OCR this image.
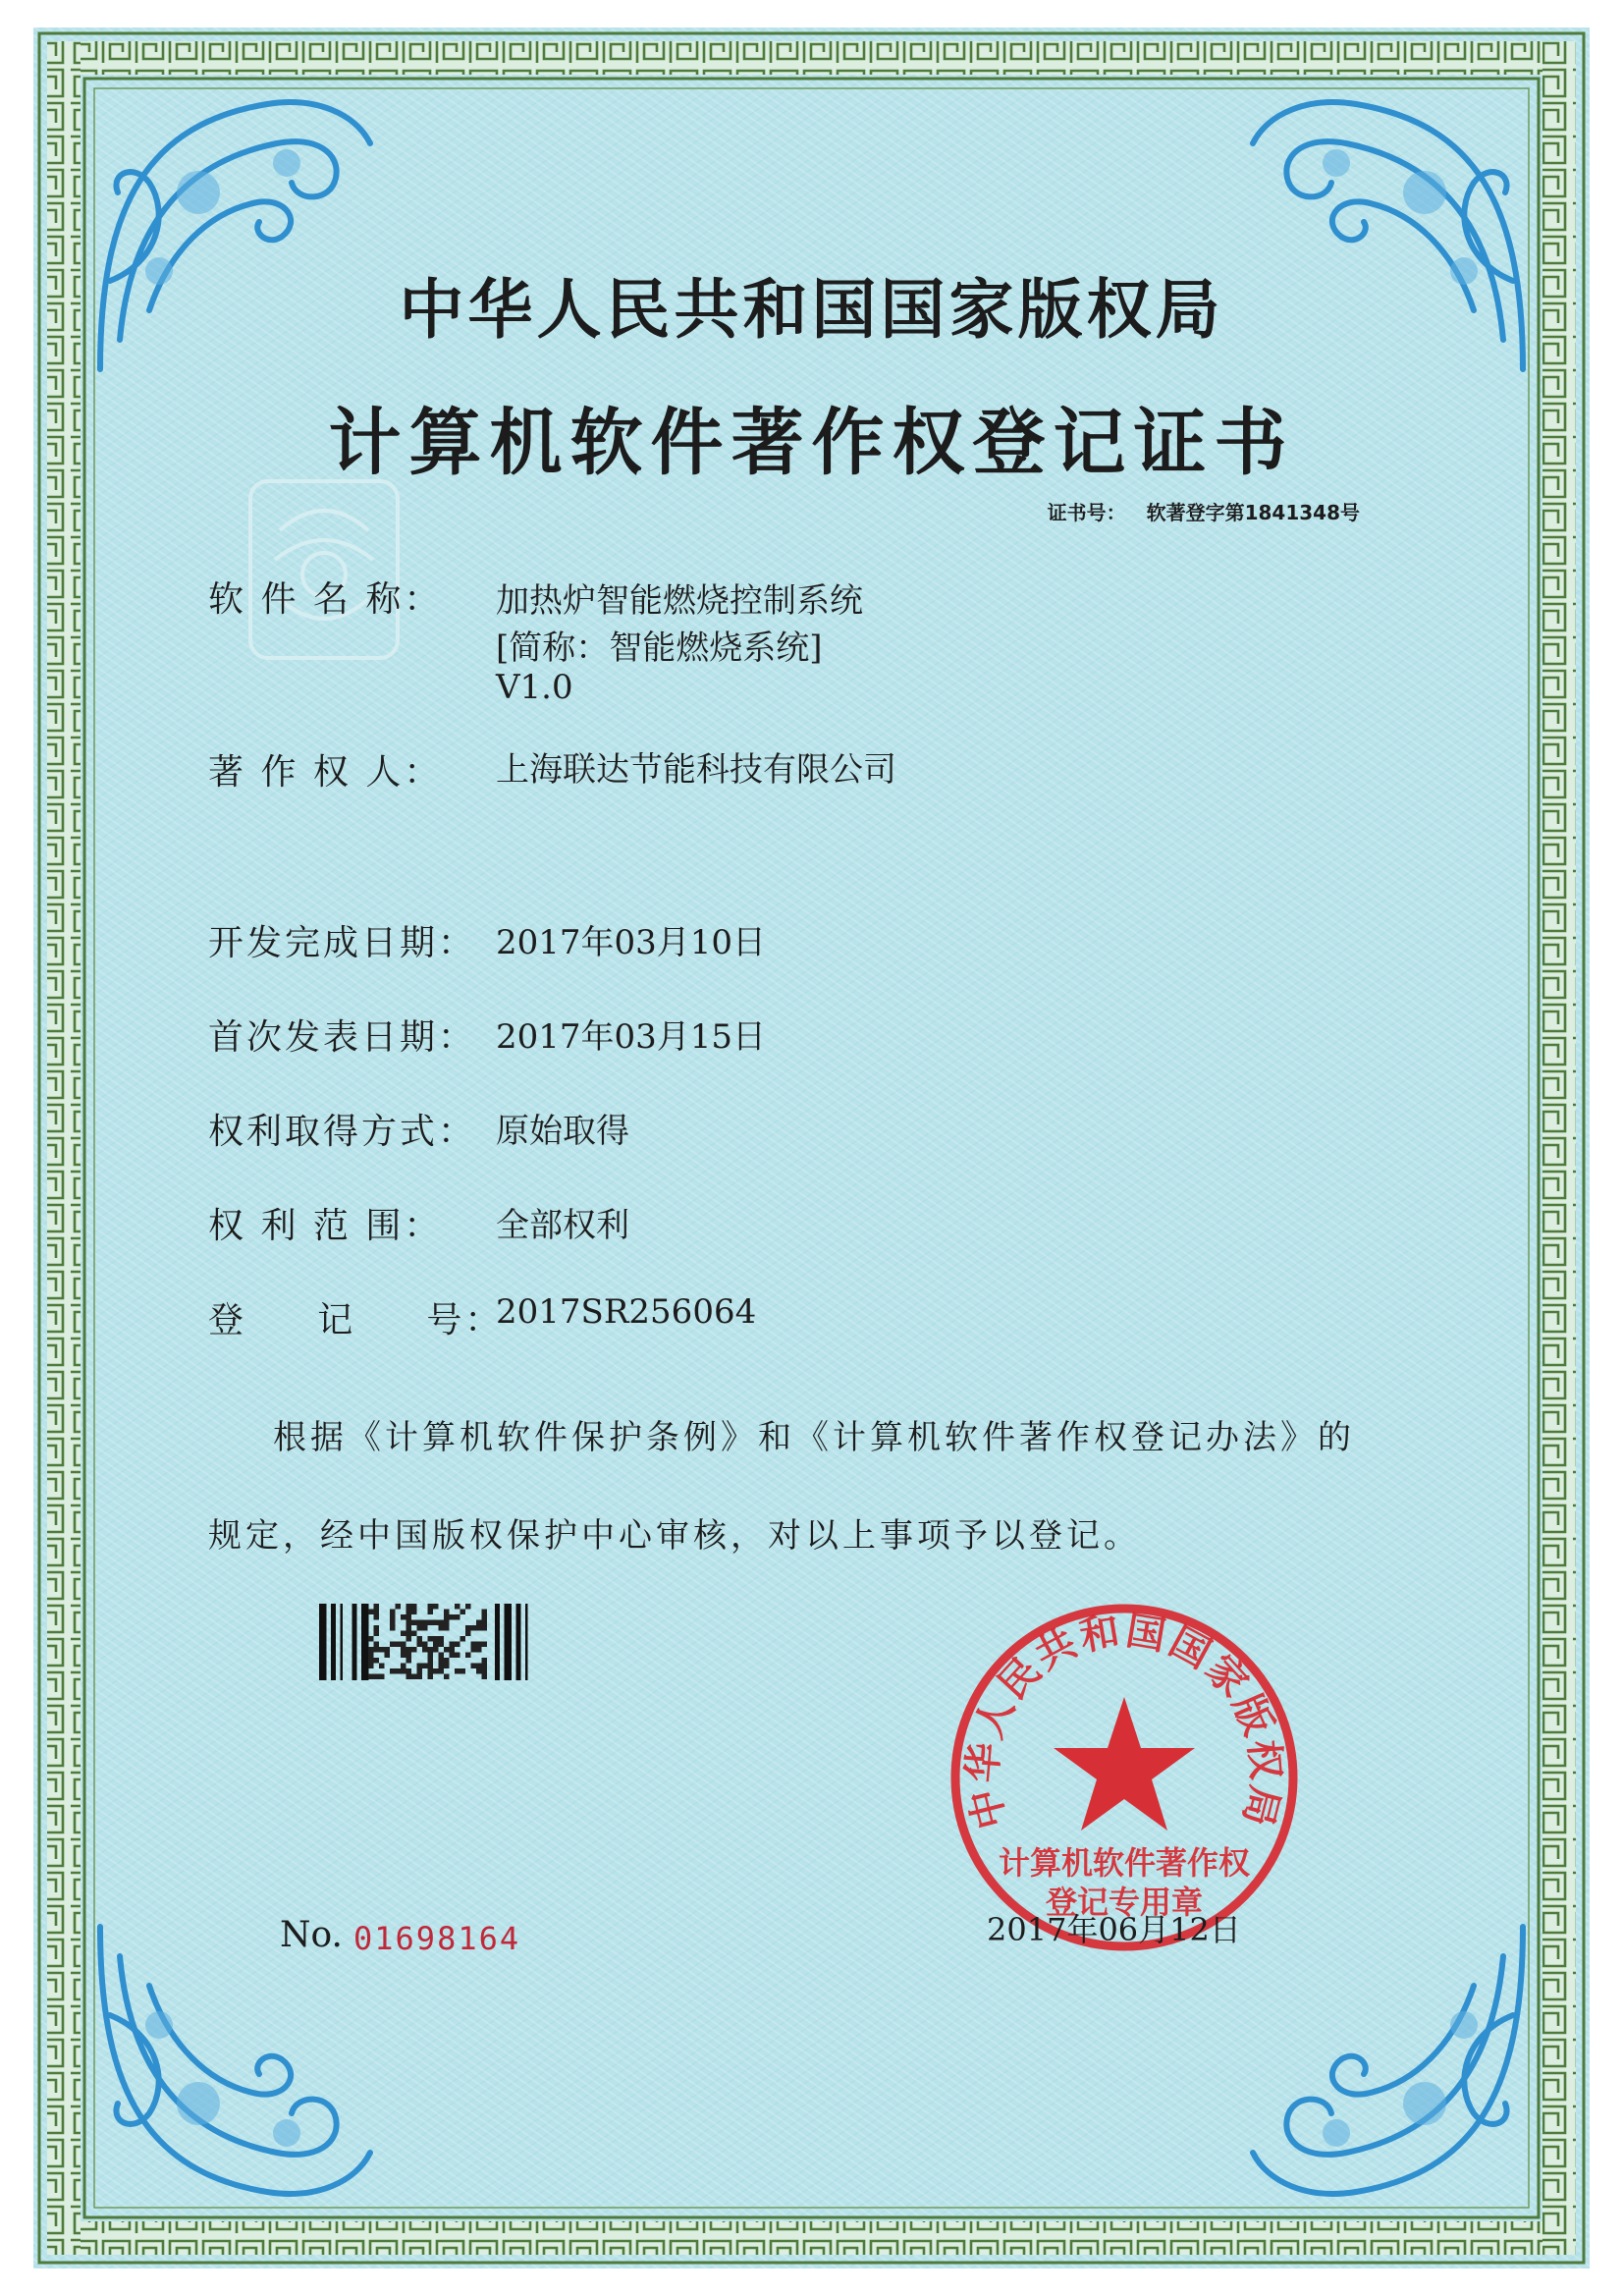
中华人民共和国国家版权局
计算机软件著作权登记证书
证书号： 软著登字第1841348号
软 件 名 称： 加热炉智能燃烧控制系统
[简称：智能燃烧系统]
V1.0
著 作 权 人： 上海联达节能科技有限公司
开发完成日期： 2017年03月10日
首次发表日期： 2017年03月15日
权利取得方式： 原始取得
权 利 范 围： 全部权利
登     记     号：
2017SR256064
根据《计算机软件保护条例》和《计算机软件著作权登记办法》的
规定，经中国版权保护中心审核，对以上事项予以登记。
中华人民共和国国家版权局
计算机软件著作权
登记专用章
No. 01698164	2017年06月12日
